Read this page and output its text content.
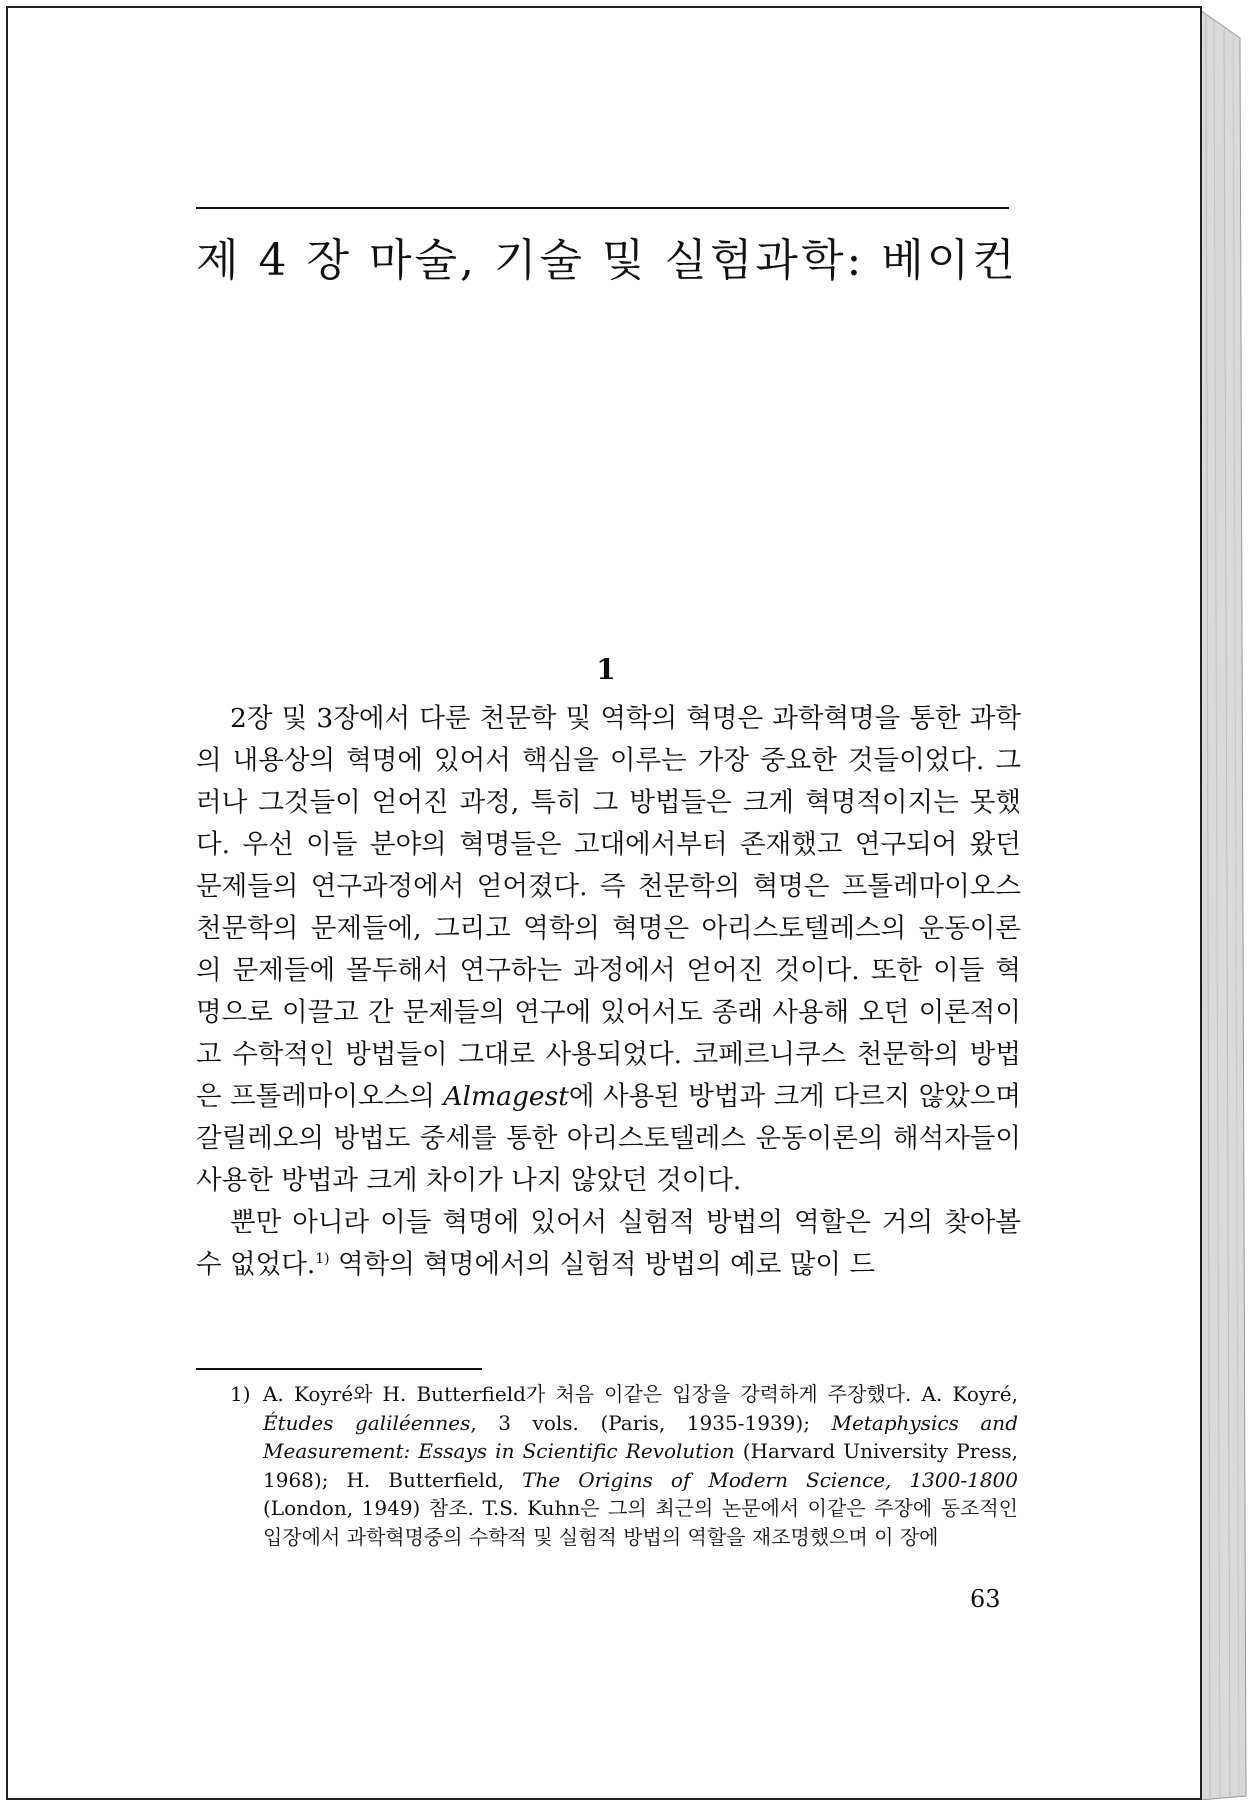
제 4 장 마술, 기술 및 실험과학: 베이컨
1

2장 및 3장에서 다룬 천문학 및 역학의 혁명은 과학혁명을 통한 과학의 내용상의 혁명에 있어서 핵심을 이루는 가장 중요한 것들이었다. 그러나 그것들이 얻어진 과정, 특히 그 방법들은 크게 혁명적이지는 못했다. 우선 이들 분야의 혁명들은 고대에서부터 존재했고 연구되어 왔던 문제들의 연구과정에서 얻어졌다. 즉 천문학의 혁명은 프톨레마이오스 천문학의 문제들에, 그리고 역학의 혁명은 아리스토텔레스의 운동이론의 문제들에 몰두해서 연구하는 과정에서 얻어진 것이다. 또한 이들 혁명으로 이끌고 간 문제들의 연구에 있어서도 종래 사용해 오던 이론적이고 수학적인 방법들이 그대로 사용되었다. 코페르니쿠스 천문학의 방법은 프톨레마이오스의 Almagest에 사용된 방법과 크게 다르지 않았으며 갈릴레오의 방법도 중세를 통한 아리스토텔레스 운동이론의 해석자들이 사용한 방법과 크게 차이가 나지 않았던 것이다.

뿐만 아니라 이들 혁명에 있어서 실험적 방법의 역할은 거의 찾아볼 수 없었다.$^{1)}$ 역학의 혁명에서의 실험적 방법의 예로 많이 드

1) A. Koyré와 H. Butterfield가 처음 이같은 입장을 강력하게 주장했다. A. Koyré, Études galiléennes, 3 vols. (Paris, 1935-1939); Metaphysics and Measurement: Essays in Scientific Revolution (Harvard University Press, 1968); H. Butterfield, The Origins of Modern Science, 1300-1800 (London, 1949) 참조. T.S. Kuhn은 그의 최근의 논문에서 이같은 주장에 동조적인 입장에서 과학혁명중의 수학적 및 실험적 방법의 역할을 재조명했으며 이 장에
63
